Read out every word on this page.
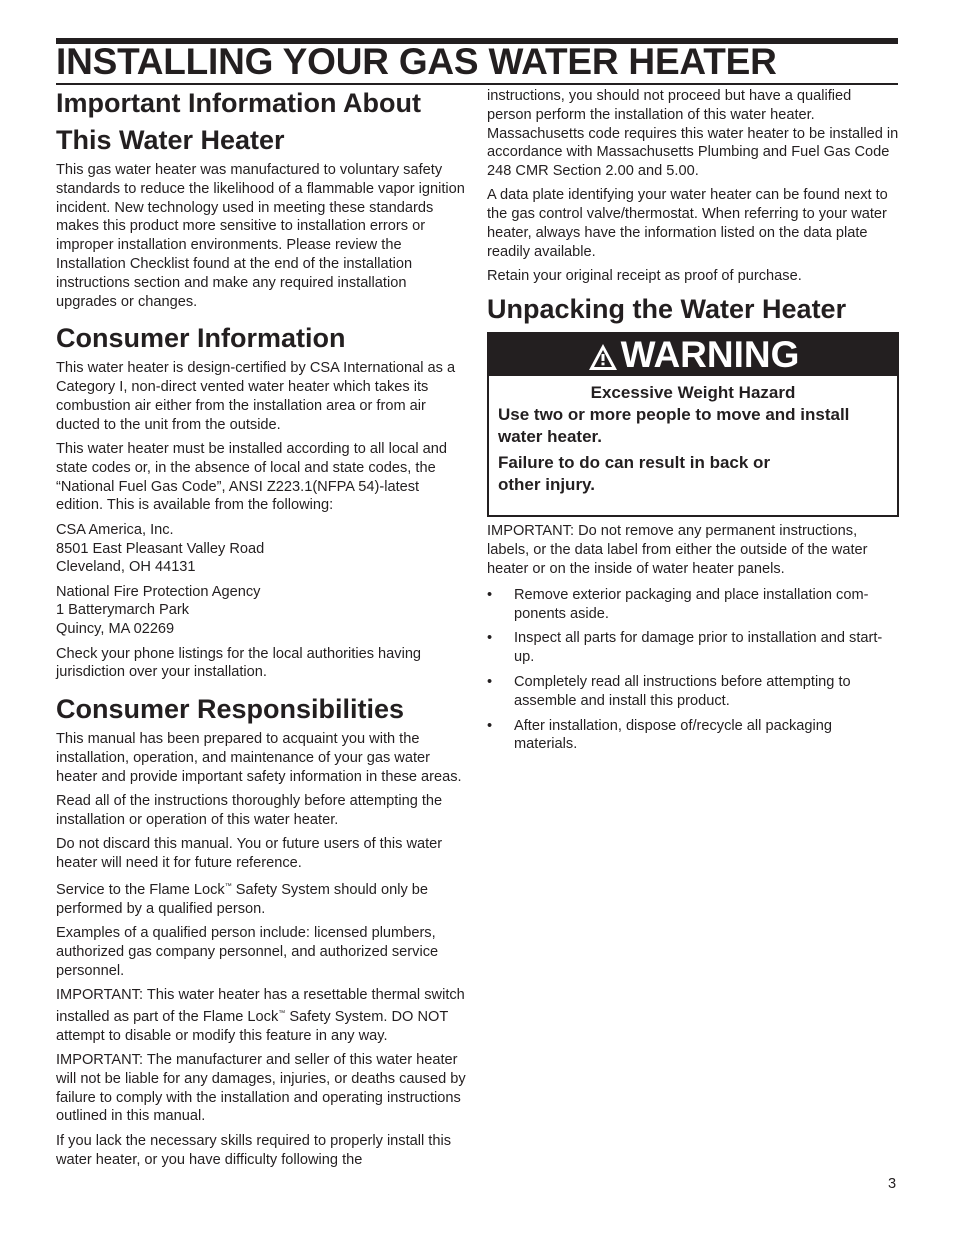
INSTALLING YOUR GAS WATER HEATER
Important Information About
This Water Heater

This gas water heater was manufactured to voluntary safety standards to reduce the likelihood of a flammable vapor ignition incident. New technology used in meeting these standards makes this product more sensitive to installation errors or improper installation environments. Please review the Installation Checklist found at the end of the installation instructions section and make any required installation upgrades or changes.

Consumer Information

This water heater is design-certified by CSA International as a Category I, non-direct vented water heater which takes its combustion air either from the installation area or from air ducted to the unit from the outside.

This water heater must be installed according to all local and state codes or, in the absence of local and state codes, the “National Fuel Gas Code”, ANSI Z223.1(NFPA 54)-latest edition. This is available from the following:

CSA America, Inc.

8501 East Pleasant Valley Road

Cleveland, OH 44131

National Fire Protection Agency

1 Batterymarch Park

Quincy, MA 02269

Check your phone listings for the local authorities having jurisdiction over your installation.

Consumer Responsibilities

This manual has been prepared to acquaint you with the installation, operation, and maintenance of your gas water heater and provide important safety information in these areas.

Read all of the instructions thoroughly before attempting the installation or operation of this water heater.

Do not discard this manual. You or future users of this water heater will need it for future reference.

Service to the Flame Lock™ Safety System should only be performed by a qualified person.

Examples of a qualified person include: licensed plumbers, authorized gas company personnel, and authorized service personnel.

IMPORTANT: This water heater has a resettable thermal switch installed as part of the Flame Lock™ Safety System. DO NOT attempt to disable or modify this feature in any way.

IMPORTANT: The manufacturer and seller of this water heater will not be liable for any damages, injuries, or deaths caused by failure to comply with the installation and operating instructions outlined in this manual.

If you lack the necessary skills required to properly install this water heater, or you have difficulty following the

instructions, you should not proceed but have a qualified person perform the installation of this water heater. Massachusetts code requires this water heater to be installed in accordance with Massachusetts Plumbing and Fuel Gas Code 248 CMR Section 2.00 and 5.00.

A data plate identifying your water heater can be found next to the gas control valve/thermostat. When referring to your water heater, always have the information listed on the data plate readily available.

Retain your original receipt as proof of purchase.

Unpacking the Water Heater
WARNING
Excessive Weight Hazard
Use two or more people to move and install water heater.
Failure to do can result in back or other injury.

IMPORTANT: Do not remove any permanent instructions, labels, or the data label from either the outside of the water heater or on the inside of water heater panels.

• Remove exterior packaging and place installation com-ponents aside.
• Inspect all parts for damage prior to installation and start-up.
• Completely read all instructions before attempting to assemble and install this product.
• After installation, dispose of/recycle all packaging materials.
3
